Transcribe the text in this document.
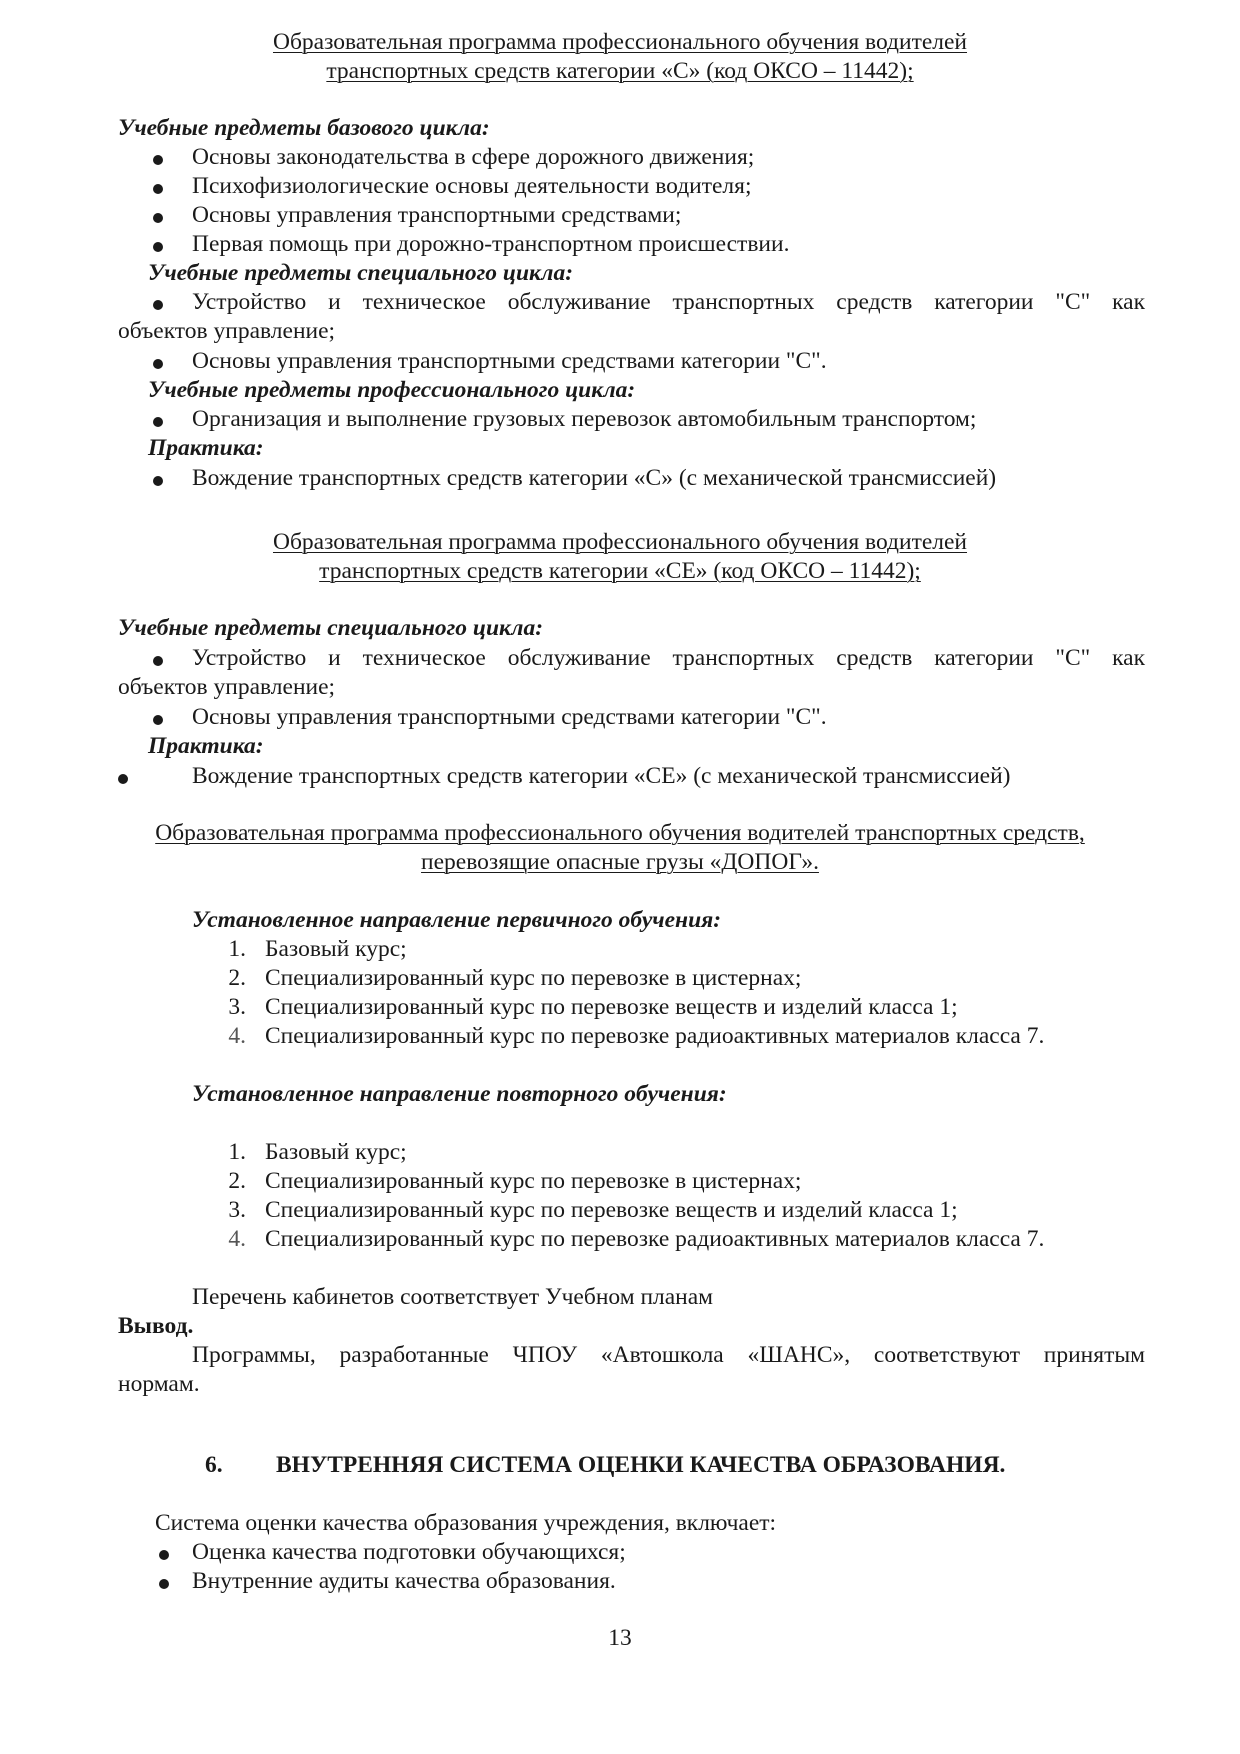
Образовательная программа профессионального обучения водителей
транспортных средств категории «С» (код ОКСО – 11442);
Учебные предметы базового цикла:
Основы законодательства в сфере дорожного движения;
Психофизиологические основы деятельности водителя;
Основы управления транспортными средствами;
Первая помощь при дорожно-транспортном происшествии.
Учебные предметы специального цикла:
Устройство и техническое обслуживание транспортных средств категории "С" как
объектов управление;
Основы управления транспортными средствами категории "С".
Учебные предметы профессионального цикла:
Организация и выполнение грузовых перевозок автомобильным транспортом;
Практика:
Вождение транспортных средств категории «С» (с механической трансмиссией)
Образовательная программа профессионального обучения водителей
транспортных средств категории «СЕ» (код ОКСО – 11442);
Учебные предметы специального цикла:
Устройство и техническое обслуживание транспортных средств категории "С" как
объектов управление;
Основы управления транспортными средствами категории "С".
Практика:
Вождение транспортных средств категории «СЕ» (с механической трансмиссией)
Образовательная программа профессионального обучения водителей транспортных средств,
перевозящие опасные грузы «ДОПОГ».
Установленное направление первичного обучения:
1. Базовый курс;
2. Специализированный курс по перевозке в цистернах;
3. Специализированный курс по перевозке веществ и изделий класса 1;
4. Специализированный курс по перевозке радиоактивных материалов класса 7.
Установленное направление повторного обучения:
1. Базовый курс;
2. Специализированный курс по перевозке в цистернах;
3. Специализированный курс по перевозке веществ и изделий класса 1;
4. Специализированный курс по перевозке радиоактивных материалов класса 7.
Перечень кабинетов соответствует Учебном планам
Вывод.
Программы, разработанные ЧПОУ «Автошкола «ШАНС», соответствуют принятым
нормам.
6. ВНУТРЕННЯЯ СИСТЕМА ОЦЕНКИ КАЧЕСТВА ОБРАЗОВАНИЯ.
Система оценки качества образования учреждения, включает:
Оценка качества подготовки обучающихся;
Внутренние аудиты качества образования.
13
